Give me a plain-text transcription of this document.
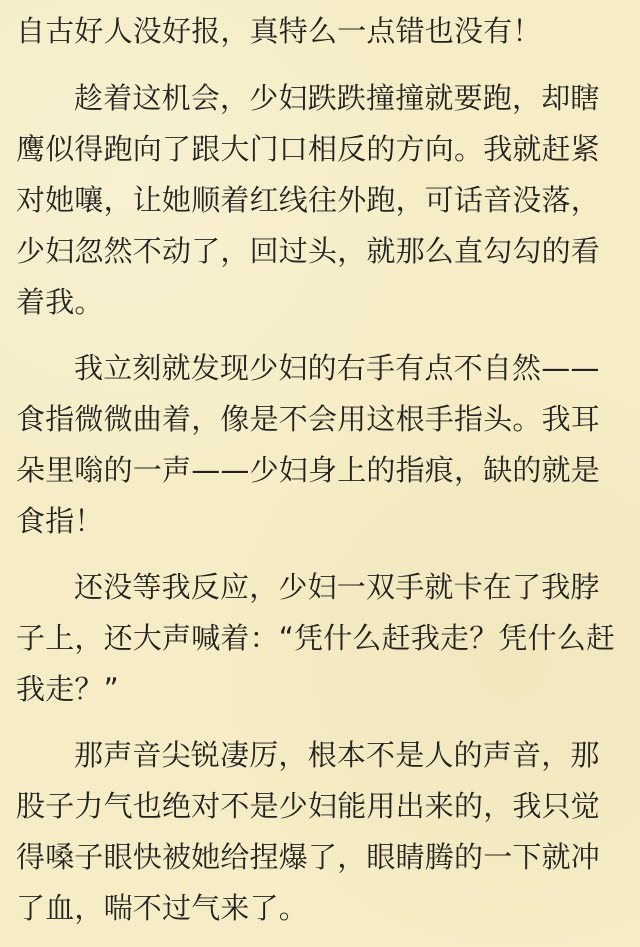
自古好人没好报，真特么一点错也没有！

趁着这机会，少妇跌跌撞撞就要跑，却瞎鹰似得跑向了跟大门口相反的方向。我就赶紧对她嚷，让她顺着红线往外跑，可话音没落，少妇忽然不动了，回过头，就那么直勾勾的看着我。

我立刻就发现少妇的右手有点不自然——食指微微曲着，像是不会用这根手指头。我耳朵里嗡的一声——少妇身上的指痕，缺的就是食指！

还没等我反应，少妇一双手就卡在了我脖子上，还大声喊着：“凭什么赶我走？凭什么赶我走？”

那声音尖锐凄厉，根本不是人的声音，那股子力气也绝对不是少妇能用出来的，我只觉得嗓子眼快被她给捏爆了，眼睛腾的一下就冲了血，喘不过气来了。
